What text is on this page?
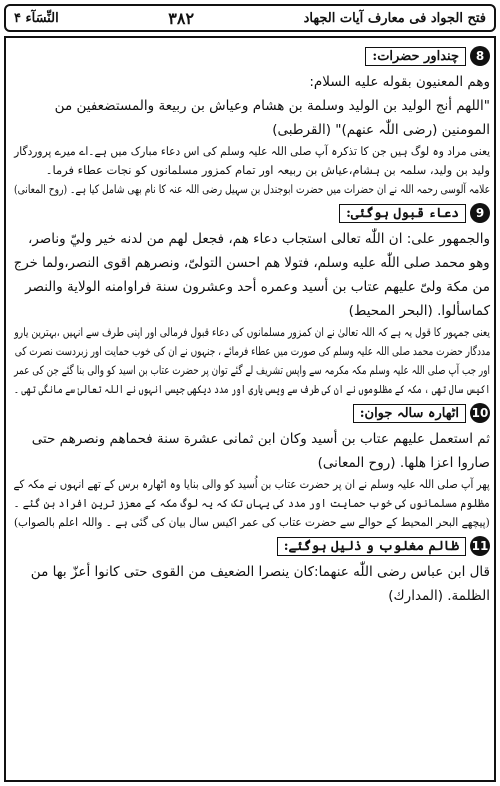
النِّسَآء ۴	۳۸۲	فتح الجواد فی معارف آیات الجهاد
8
چنداور حضرات:

وهم المعنيون بقوله عليه السلام:

"اللهم أنج الوليد بن الوليد وسلمة بن هشام وعياش بن ربيعة والمستضعفين من

المومنين (رضی اللّٰہ عنھم)" (القرطبی)

یعنی مراد وہ لوگ ہیں جن کا تذکرہ آپ صلی اللہ علیہ وسلم کی اس دعاء مبارک میں ہے۔اے میرے پروردگار

ولید بن ولید، سلمہ بن ہشام،عیاش بن ربیعہ اور تمام کمزور مسلمانوں کو نجات عطاء فرما۔

علامہ آلوسی رحمہ اللہ نے ان حضرات میں حضرت ابوجندل بن سہیل رضی اللہ عنہ کا نام بھی شامل کیا ہے۔ (روح المعانی)

9
دعاء قبول ہوگئی:

والجمهور على: ان اللّٰه تعالى استجاب دعاء هم، فجعل لهم من لدنه خير وليّ وناصر،

وهو محمد صلى اللّٰه عليه وسلم، فتولا هم احسن التولىّ، ونصرهم اقوى النصر،ولما خرج

من مكة ولىّ عليهم عتاب بن أسيد وعمره أحد وعشرون سنة فراوامنه الولاية والنصر

كماسألوا. (البحر المحيط)

یعنی جمہور کا قول یہ ہے کہ اللہ تعالیٰ نے ان کمزور مسلمانوں کی دعاء قبول فرمالی اور اپنی طرف سے انہیں ،بہترین یارو

مددگار حضرت محمد صلی اللہ علیہ وسلم کی صورت میں عطاء فرمائے ، جنہوں نے ان کی خوب حمایت اور زبردست نصرت کی

اور جب آپ صلی اللہ علیہ وسلم مکہ مکرمہ سے واپس تشریف لے گئے توان پر حضرت عتاب بن اسید کو والی بنا گئے جن کی عمر

اکیس سال تھی ، مکہ کے مظلوموں نے ان کی طرف سے ویسی یاری اور مدد دیکھی جیسی انہوں نے اللہ تعالیٰ سے مانگی تھی ۔

10
اٹھارہ سالہ جوان:

ثم استعمل عليهم عتاب بن أسيد وكان ابن ثمانى عشرة سنة فحماهم ونصرهم حتى

صاروا اعزا هلها. (روح المعانى)

پھر آپ صلی اللہ علیہ وسلم نے ان پر حضرت عتاب بن اُسید کو والی بنایا وہ اٹھارہ برس کے تھے انہوں نے مکہ کے

مظلوم مسلمانوں کی خوب حمایت اور مدد کی یہاں تک کہ یہ لوگ مکہ کے معزز ترین افراد بن گئے ۔

(پیچھے البحر المحیط کے حوالے سے حضرت عتاب کی عمر اکیس سال بیان کی گئی ہے ۔ واللہ اعلم بالصواب)

11
ظالم مغلوب و ذلیل ہوگئے:

قال ابن عباس رضی اللّٰه عنهما:كان ينصرا الضعيف من القوى حتى كانوا أعزّ بها من

الظلمة. (المدارك)
